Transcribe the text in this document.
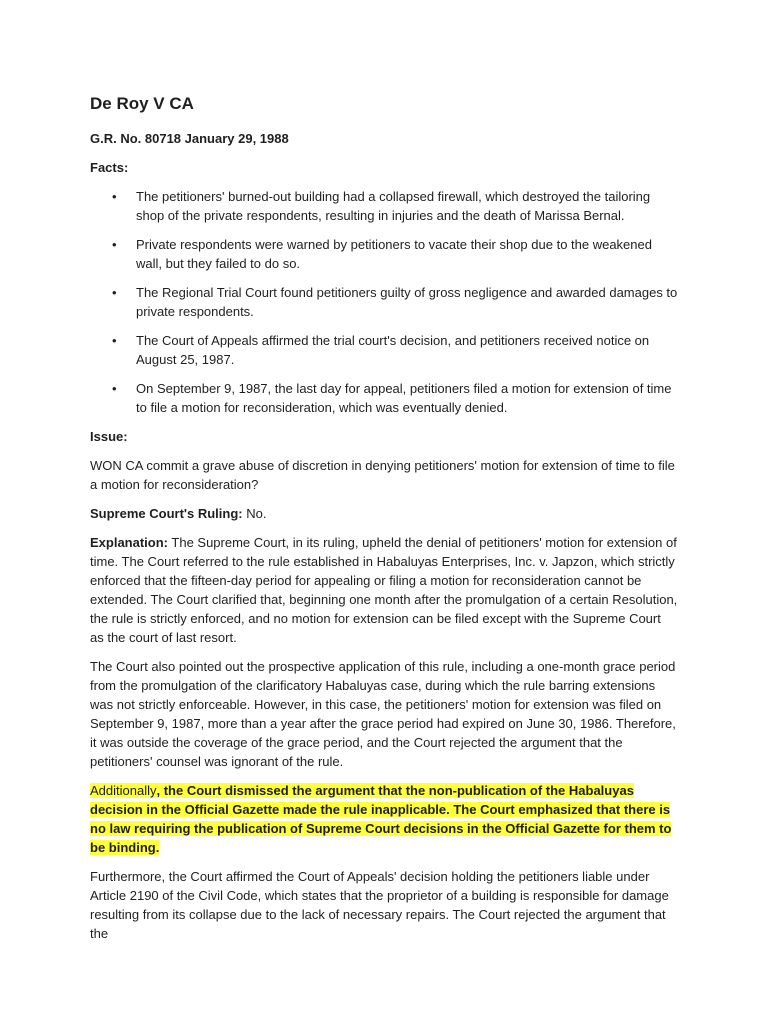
De Roy V CA
G.R. No. 80718 January 29, 1988
Facts:
• The petitioners' burned-out building had a collapsed firewall, which destroyed the tailoring shop of the private respondents, resulting in injuries and the death of Marissa Bernal.
• Private respondents were warned by petitioners to vacate their shop due to the weakened wall, but they failed to do so.
• The Regional Trial Court found petitioners guilty of gross negligence and awarded damages to private respondents.
• The Court of Appeals affirmed the trial court's decision, and petitioners received notice on August 25, 1987.
• On September 9, 1987, the last day for appeal, petitioners filed a motion for extension of time to file a motion for reconsideration, which was eventually denied.
Issue:
WON CA commit a grave abuse of discretion in denying petitioners' motion for extension of time to file a motion for reconsideration?
Supreme Court's Ruling: No.
Explanation: The Supreme Court, in its ruling, upheld the denial of petitioners' motion for extension of time. The Court referred to the rule established in Habaluyas Enterprises, Inc. v. Japzon, which strictly enforced that the fifteen-day period for appealing or filing a motion for reconsideration cannot be extended. The Court clarified that, beginning one month after the promulgation of a certain Resolution, the rule is strictly enforced, and no motion for extension can be filed except with the Supreme Court as the court of last resort.
The Court also pointed out the prospective application of this rule, including a one-month grace period from the promulgation of the clarificatory Habaluyas case, during which the rule barring extensions was not strictly enforceable. However, in this case, the petitioners' motion for extension was filed on September 9, 1987, more than a year after the grace period had expired on June 30, 1986. Therefore, it was outside the coverage of the grace period, and the Court rejected the argument that the petitioners' counsel was ignorant of the rule.
Additionally, the Court dismissed the argument that the non-publication of the Habaluyas decision in the Official Gazette made the rule inapplicable. The Court emphasized that there is no law requiring the publication of Supreme Court decisions in the Official Gazette for them to be binding.
Furthermore, the Court affirmed the Court of Appeals' decision holding the petitioners liable under Article 2190 of the Civil Code, which states that the proprietor of a building is responsible for damage resulting from its collapse due to the lack of necessary repairs. The Court rejected the argument that the
